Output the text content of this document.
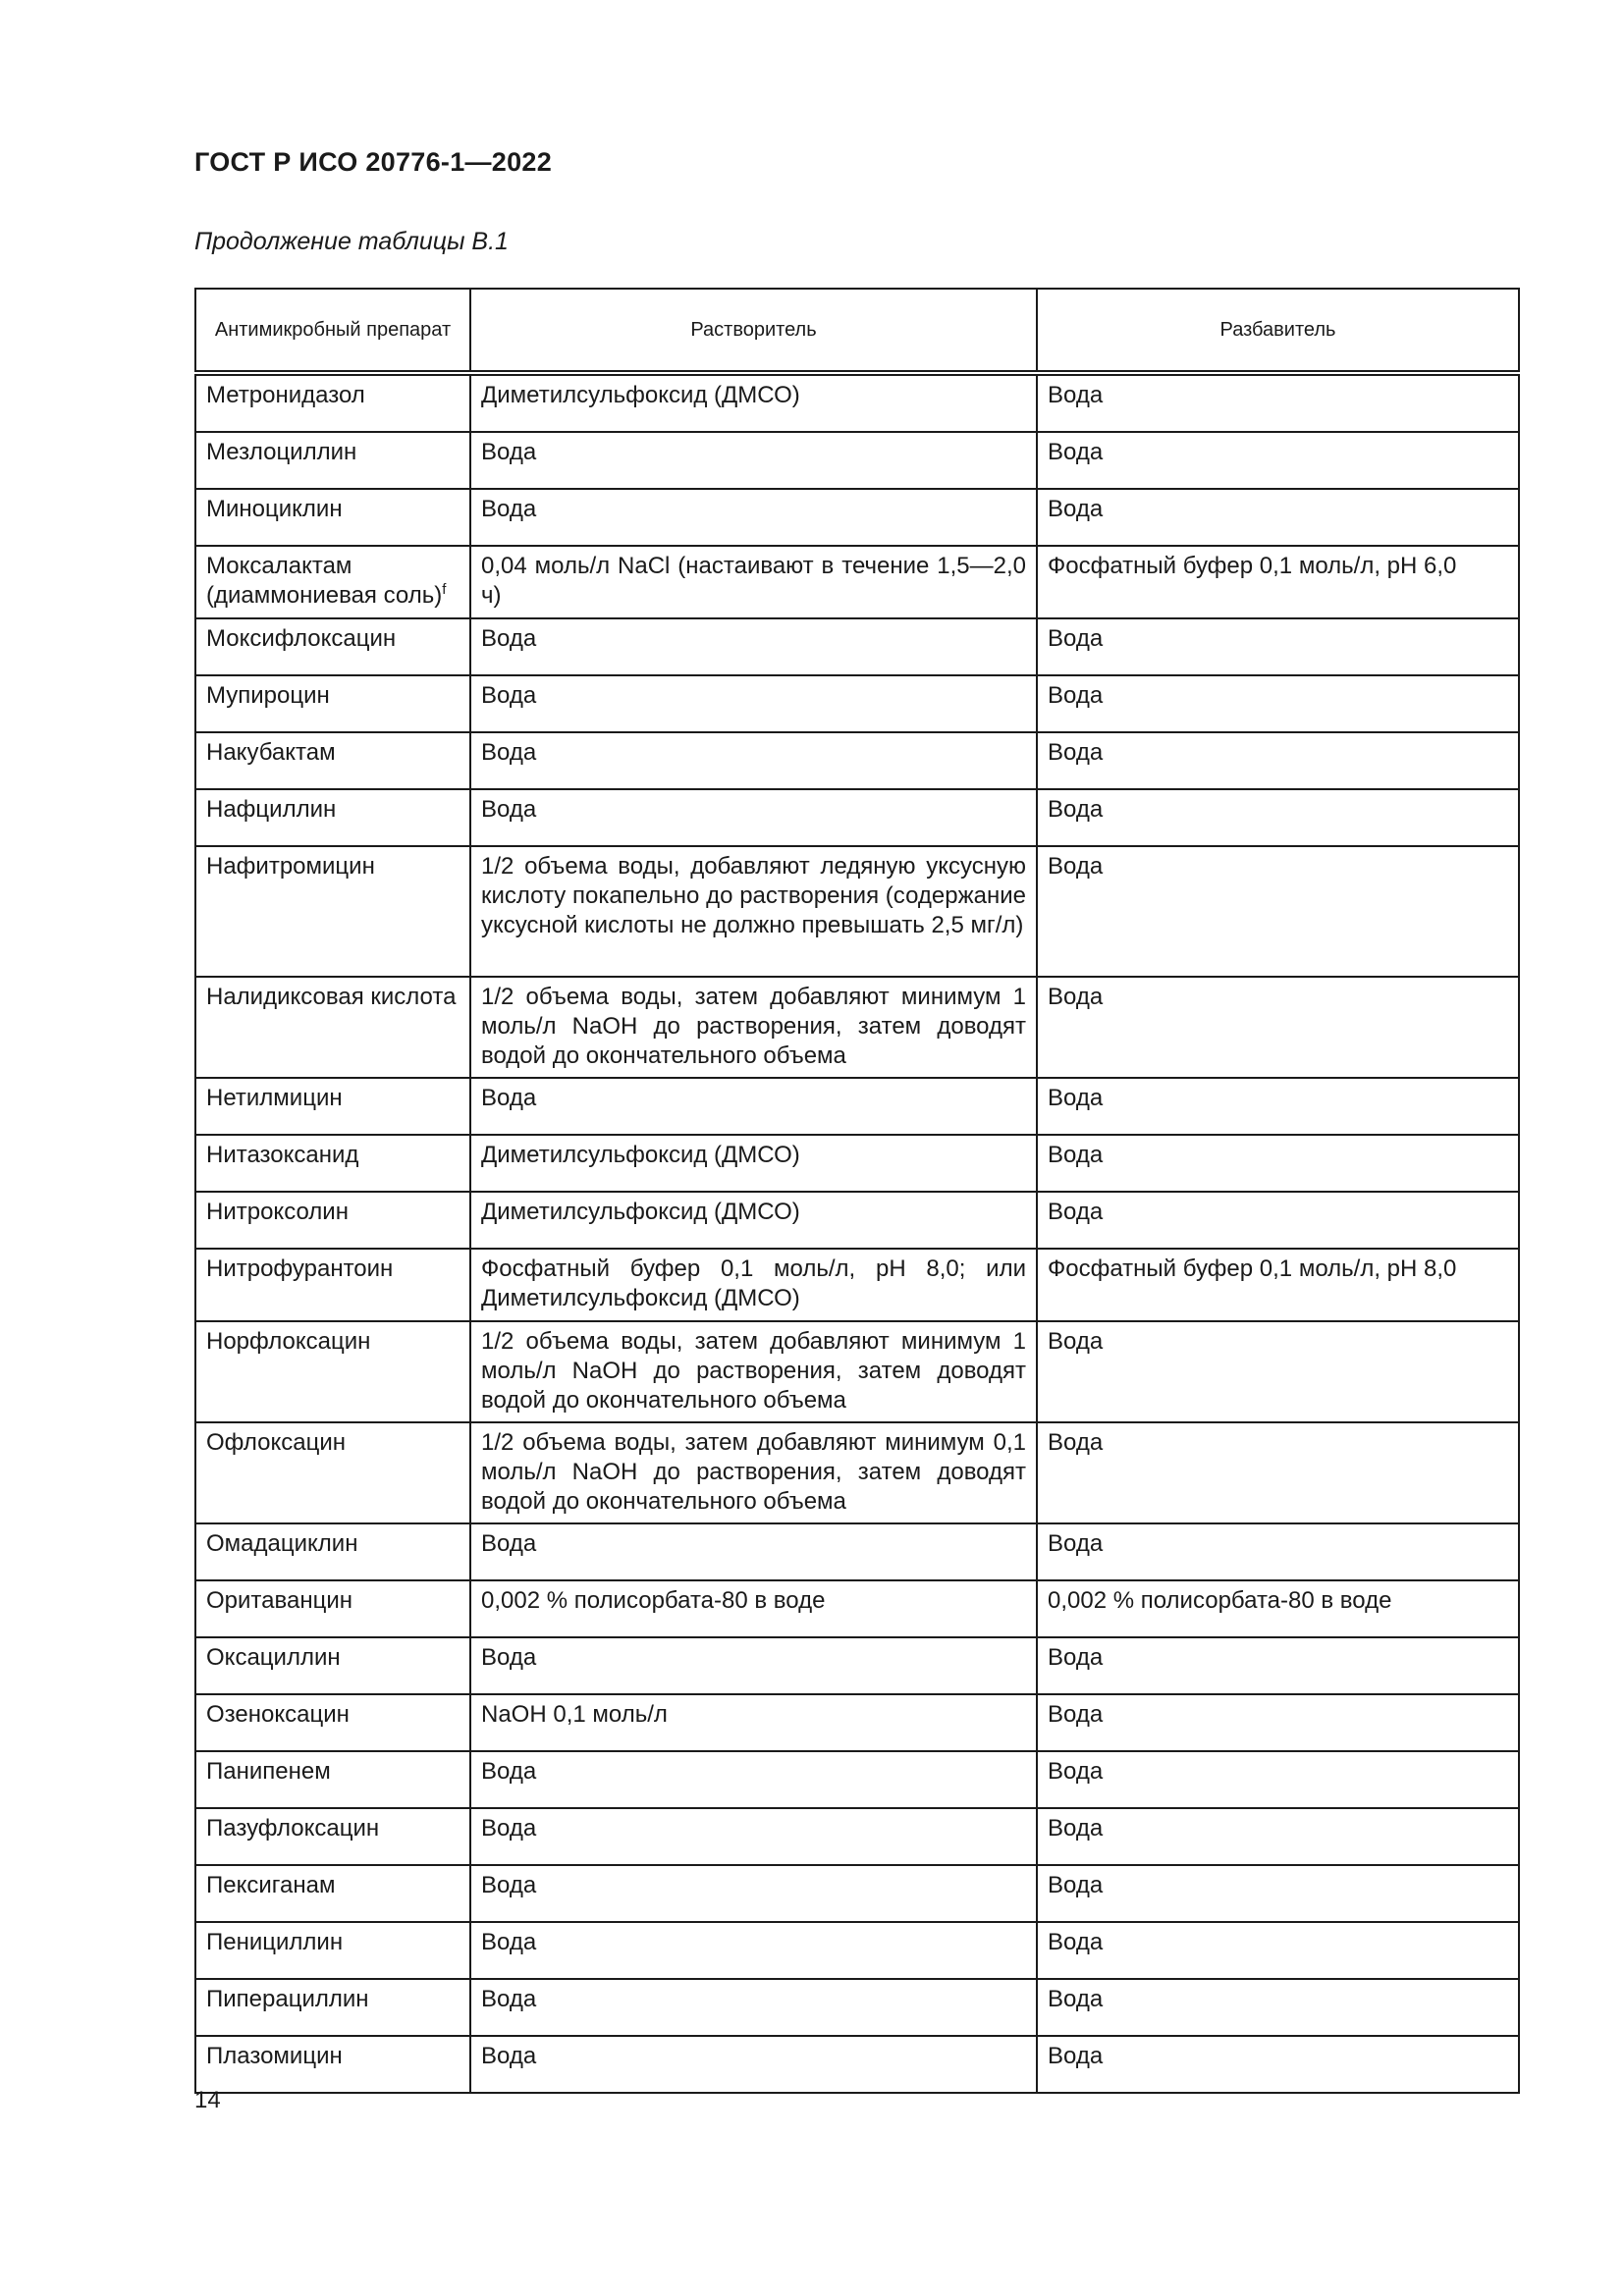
ГОСТ Р ИСО 20776-1—2022
Продолжение таблицы B.1
Антимикробный препарат	Растворитель	Разбавитель
Метронидазол	Диметилсульфоксид (ДМСО)	Вода
Мезлоциллин	Вода	Вода
Миноциклин	Вода	Вода
Моксалактам (диаммониевая соль)$^f$	0,04 моль/л NaCl (настаивают в течение 1,5—2,0 ч)	Фосфатный буфер 0,1 моль/л, pH 6,0
Моксифлоксацин	Вода	Вода
Мупироцин	Вода	Вода
Накубактам	Вода	Вода
Нафциллин	Вода	Вода
Нафитромицин	1/2 объема воды, добавляют ледяную уксусную кислоту покапельно до растворения (содержание уксусной кислоты не должно превышать 2,5 мг/л)	Вода
Налидиксовая кислота	1/2 объема воды, затем добавляют минимум 1 моль/л NaOH до растворения, затем доводят водой до окончательного объема	Вода
Нетилмицин	Вода	Вода
Нитазоксанид	Диметилсульфоксид (ДМСО)	Вода
Нитроксолин	Диметилсульфоксид (ДМСО)	Вода
Нитрофурантоин	Фосфатный буфер 0,1 моль/л, pH 8,0; или Диметилсульфоксид (ДМСО)	Фосфатный буфер 0,1 моль/л, pH 8,0
Норфлоксацин	1/2 объема воды, затем добавляют минимум 1 моль/л NaOH до растворения, затем доводят водой до окончательного объема	Вода
Офлоксацин	1/2 объема воды, затем добавляют минимум 0,1 моль/л NaOH до растворения, затем доводят водой до окончательного объема	Вода
Омадациклин	Вода	Вода
Оритаванцин	0,002 % полисорбата-80 в воде	0,002 % полисорбата-80 в воде
Оксациллин	Вода	Вода
Озеноксацин	NaOH 0,1 моль/л	Вода
Панипенем	Вода	Вода
Пазуфлоксацин	Вода	Вода
Пексиганам	Вода	Вода
Пенициллин	Вода	Вода
Пиперациллин	Вода	Вода
Плазомицин	Вода	Вода
14
